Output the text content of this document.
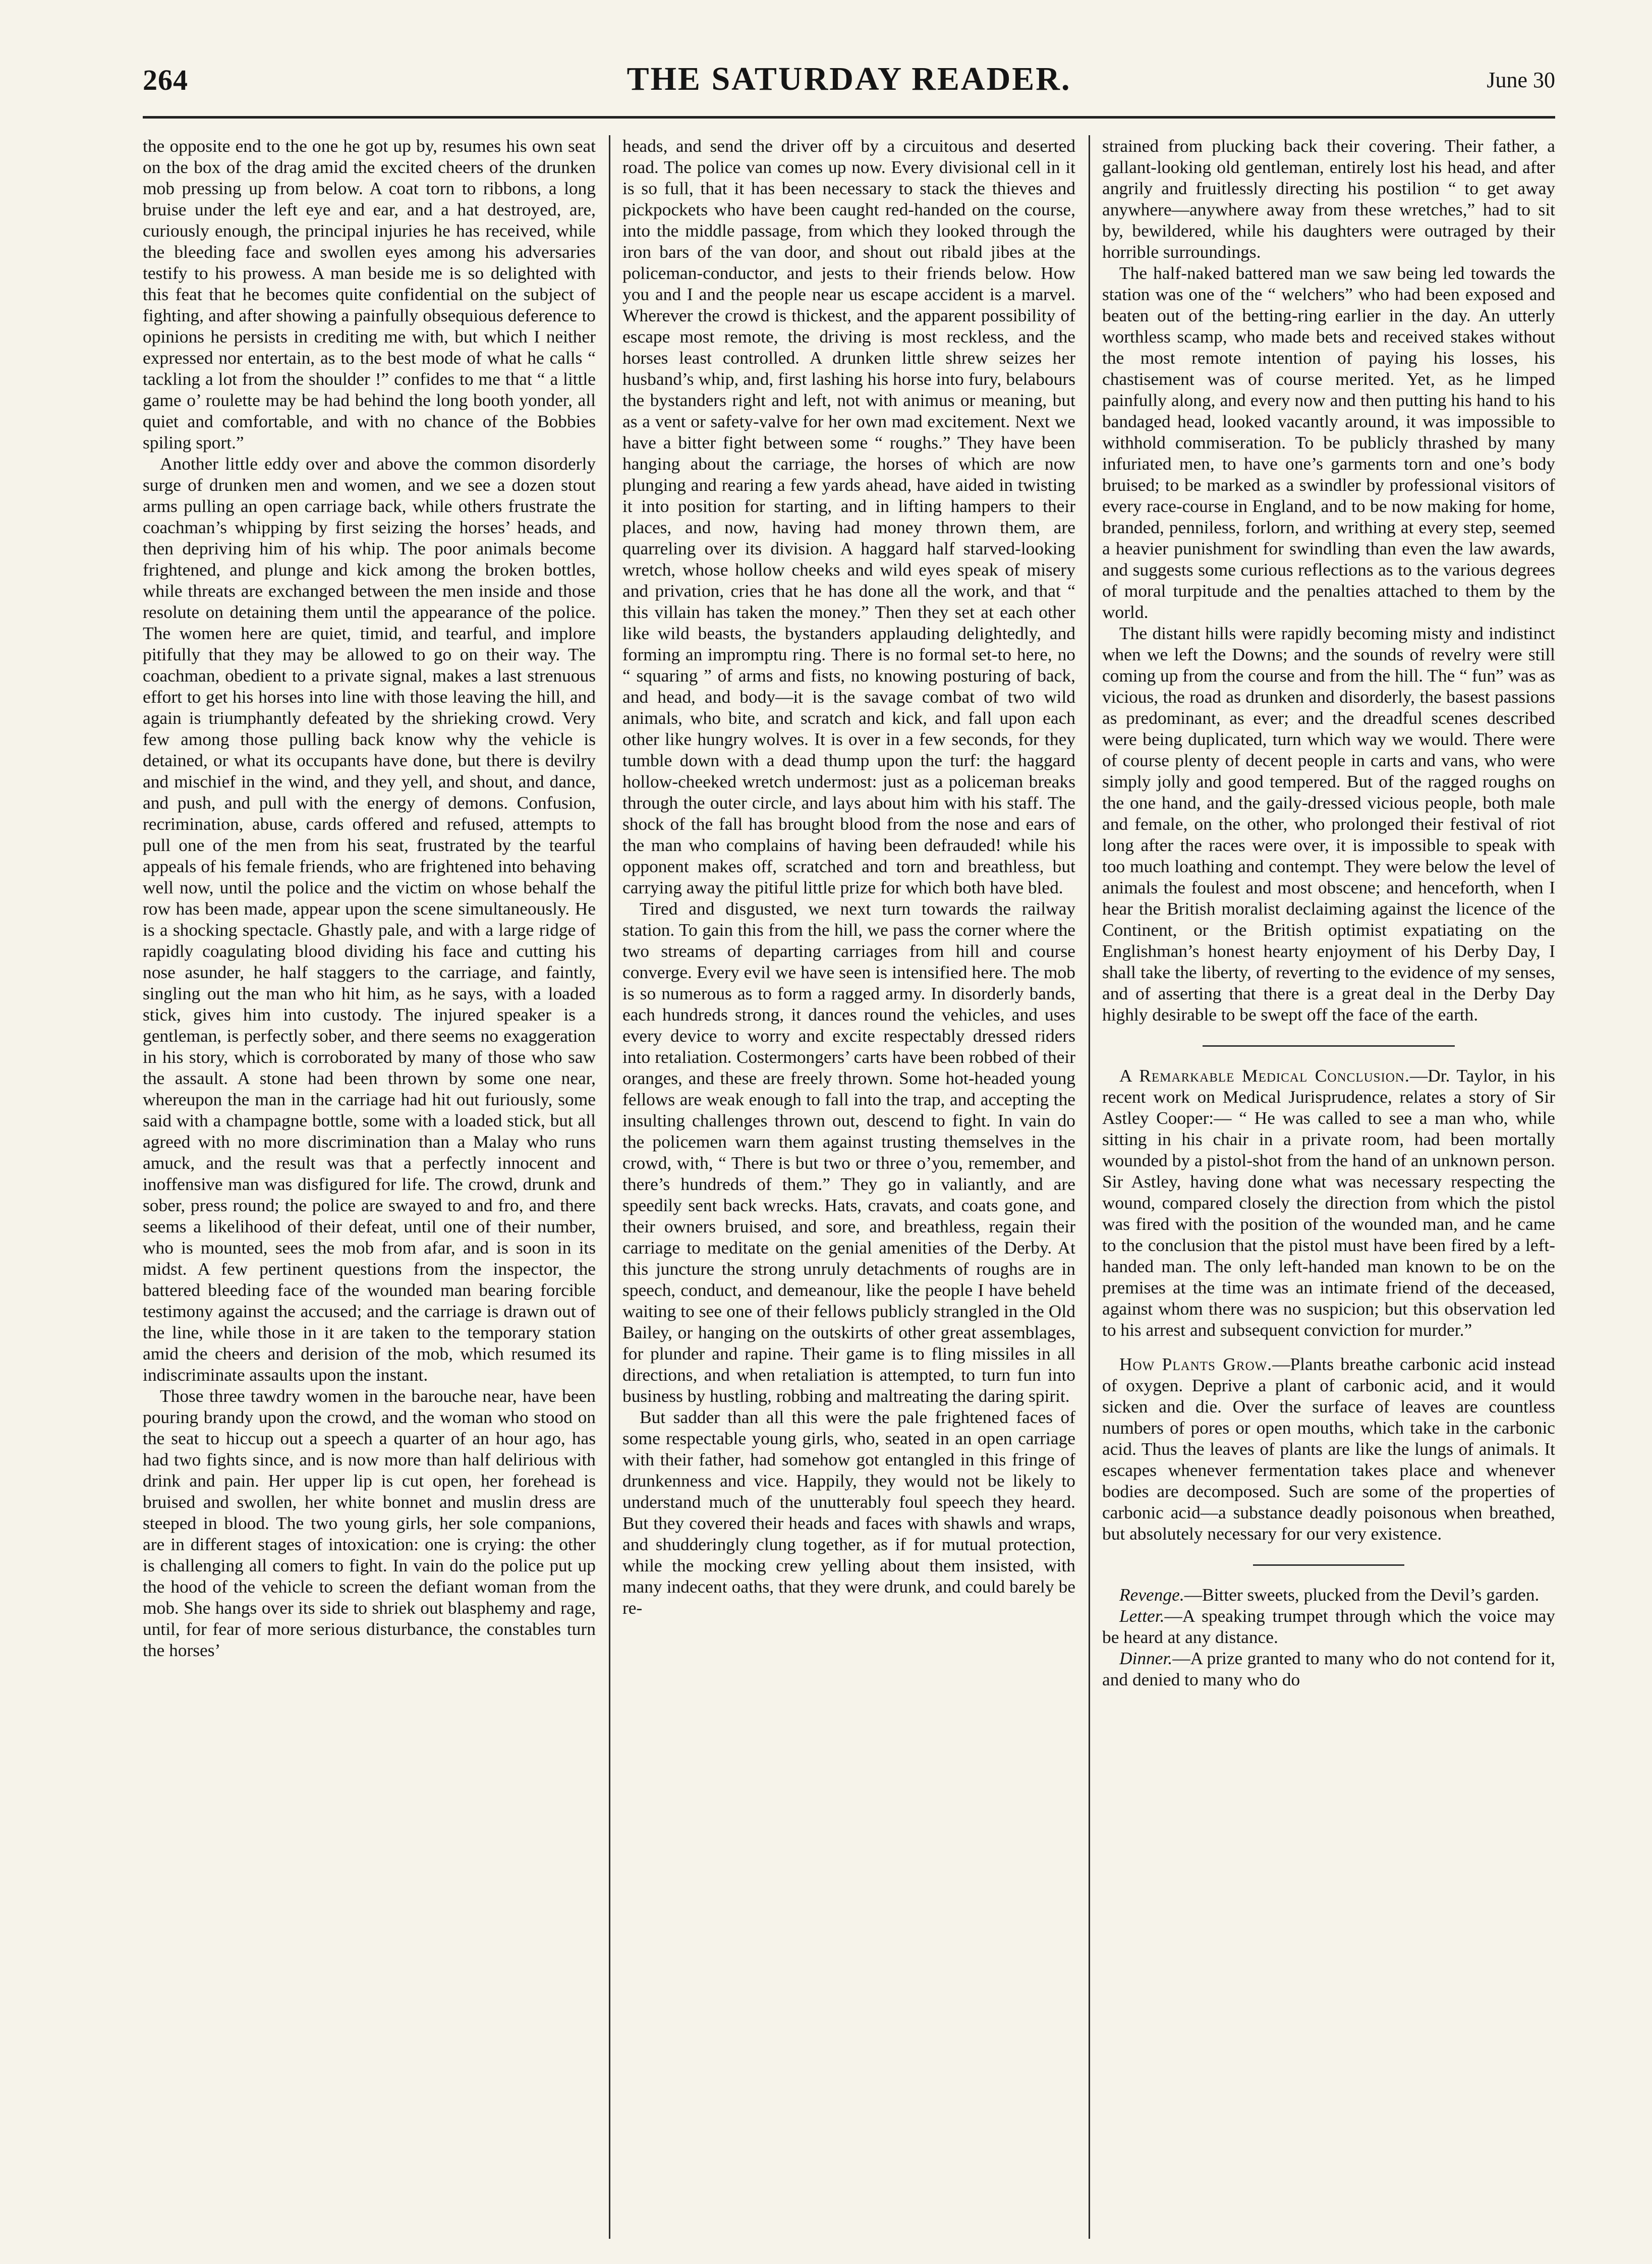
264	THE SATURDAY READER.	June 30

the opposite end to the one he got up by, resumes his own seat on the box of the drag amid the excited cheers of the drunken mob pressing up from below. A coat torn to ribbons, a long bruise under the left eye and ear, and a hat destroyed, are, curiously enough, the principal injuries he has received, while the bleeding face and swollen eyes among his adversaries testify to his prowess. A man beside me is so delighted with this feat that he becomes quite confidential on the subject of fighting, and after showing a painfully obsequious deference to opinions he persists in crediting me with, but which I neither expressed nor entertain, as to the best mode of what he calls “ tackling a lot from the shoulder !” confides to me that “ a little game o’ roulette may be had behind the long booth yonder, all quiet and comfortable, and with no chance of the Bobbies spiling sport.”

Another little eddy over and above the common disorderly surge of drunken men and women, and we see a dozen stout arms pulling an open carriage back, while others frustrate the coachman’s whipping by first seizing the horses’ heads, and then depriving him of his whip. The poor animals become frightened, and plunge and kick among the broken bottles, while threats are exchanged between the men inside and those resolute on detaining them until the appearance of the police. The women here are quiet, timid, and tearful, and implore pitifully that they may be allowed to go on their way. The coachman, obedient to a private signal, makes a last strenuous effort to get his horses into line with those leaving the hill, and again is triumphantly defeated by the shrieking crowd. Very few among those pulling back know why the vehicle is detained, or what its occupants have done, but there is devilry and mischief in the wind, and they yell, and shout, and dance, and push, and pull with the energy of demons. Confusion, recrimination, abuse, cards offered and refused, attempts to pull one of the men from his seat, frustrated by the tearful appeals of his female friends, who are frightened into behaving well now, until the police and the victim on whose behalf the row has been made, appear upon the scene simultaneously. He is a shocking spectacle. Ghastly pale, and with a large ridge of rapidly coagulating blood dividing his face and cutting his nose asunder, he half staggers to the carriage, and faintly, singling out the man who hit him, as he says, with a loaded stick, gives him into custody. The injured speaker is a gentleman, is perfectly sober, and there seems no exaggeration in his story, which is corroborated by many of those who saw the assault. A stone had been thrown by some one near, whereupon the man in the carriage had hit out furiously, some said with a champagne bottle, some with a loaded stick, but all agreed with no more discrimination than a Malay who runs amuck, and the result was that a perfectly innocent and inoffensive man was disfigured for life. The crowd, drunk and sober, press round; the police are swayed to and fro, and there seems a likelihood of their defeat, until one of their number, who is mounted, sees the mob from afar, and is soon in its midst. A few pertinent questions from the inspector, the battered bleeding face of the wounded man bearing forcible testimony against the accused; and the carriage is drawn out of the line, while those in it are taken to the temporary station amid the cheers and derision of the mob, which resumed its indiscriminate assaults upon the instant.

Those three tawdry women in the barouche near, have been pouring brandy upon the crowd, and the woman who stood on the seat to hiccup out a speech a quarter of an hour ago, has had two fights since, and is now more than half delirious with drink and pain. Her upper lip is cut open, her forehead is bruised and swollen, her white bonnet and muslin dress are steeped in blood. The two young girls, her sole companions, are in different stages of intoxication: one is crying: the other is challenging all comers to fight. In vain do the police put up the hood of the vehicle to screen the defiant woman from the mob. She hangs over its side to shriek out blasphemy and rage, until, for fear of more serious disturbance, the constables turn the horses’

heads, and send the driver off by a circuitous and deserted road. The police van comes up now. Every divisional cell in it is so full, that it has been necessary to stack the thieves and pickpockets who have been caught red-handed on the course, into the middle passage, from which they looked through the iron bars of the van door, and shout out ribald jibes at the policeman-conductor, and jests to their friends below. How you and I and the people near us escape accident is a marvel. Wherever the crowd is thickest, and the apparent possibility of escape most remote, the driving is most reckless, and the horses least controlled. A drunken little shrew seizes her husband’s whip, and, first lashing his horse into fury, belabours the bystanders right and left, not with animus or meaning, but as a vent or safety-valve for her own mad excitement. Next we have a bitter fight between some “ roughs.” They have been hanging about the carriage, the horses of which are now plunging and rearing a few yards ahead, have aided in twisting it into position for starting, and in lifting hampers to their places, and now, having had money thrown them, are quarreling over its division. A haggard half starved-looking wretch, whose hollow cheeks and wild eyes speak of misery and privation, cries that he has done all the work, and that “ this villain has taken the money.” Then they set at each other like wild beasts, the bystanders applauding delightedly, and forming an impromptu ring. There is no formal set-to here, no “ squaring ” of arms and fists, no knowing posturing of back, and head, and body—it is the savage combat of two wild animals, who bite, and scratch and kick, and fall upon each other like hungry wolves. It is over in a few seconds, for they tumble down with a dead thump upon the turf: the haggard hollow-cheeked wretch undermost: just as a policeman breaks through the outer circle, and lays about him with his staff. The shock of the fall has brought blood from the nose and ears of the man who complains of having been defrauded! while his opponent makes off, scratched and torn and breathless, but carrying away the pitiful little prize for which both have bled.

Tired and disgusted, we next turn towards the railway station. To gain this from the hill, we pass the corner where the two streams of departing carriages from hill and course converge. Every evil we have seen is intensified here. The mob is so numerous as to form a ragged army. In disorderly bands, each hundreds strong, it dances round the vehicles, and uses every device to worry and excite respectably dressed riders into retaliation. Costermongers’ carts have been robbed of their oranges, and these are freely thrown. Some hot-headed young fellows are weak enough to fall into the trap, and accepting the insulting challenges thrown out, descend to fight. In vain do the policemen warn them against trusting themselves in the crowd, with, “ There is but two or three o’you, remember, and there’s hundreds of them.” They go in valiantly, and are speedily sent back wrecks. Hats, cravats, and coats gone, and their owners bruised, and sore, and breathless, regain their carriage to meditate on the genial amenities of the Derby. At this juncture the strong unruly detachments of roughs are in speech, conduct, and demeanour, like the people I have beheld waiting to see one of their fellows publicly strangled in the Old Bailey, or hanging on the outskirts of other great assemblages, for plunder and rapine. Their game is to fling missiles in all directions, and when retaliation is attempted, to turn fun into business by hustling, robbing and maltreating the daring spirit.

But sadder than all this were the pale frightened faces of some respectable young girls, who, seated in an open carriage with their father, had somehow got entangled in this fringe of drunkenness and vice. Happily, they would not be likely to understand much of the unutterably foul speech they heard. But they covered their heads and faces with shawls and wraps, and shudderingly clung together, as if for mutual protection, while the mocking crew yelling about them insisted, with many indecent oaths, that they were drunk, and could barely be re-

strained from plucking back their covering. Their father, a gallant-looking old gentleman, entirely lost his head, and after angrily and fruitlessly directing his postilion “ to get away anywhere—anywhere away from these wretches,” had to sit by, bewildered, while his daughters were outraged by their horrible surroundings.

The half-naked battered man we saw being led towards the station was one of the “ welchers” who had been exposed and beaten out of the betting-ring earlier in the day. An utterly worthless scamp, who made bets and received stakes without the most remote intention of paying his losses, his chastisement was of course merited. Yet, as he limped painfully along, and every now and then putting his hand to his bandaged head, looked vacantly around, it was impossible to withhold commiseration. To be publicly thrashed by many infuriated men, to have one’s garments torn and one’s body bruised; to be marked as a swindler by professional visitors of every race-course in England, and to be now making for home, branded, penniless, forlorn, and writhing at every step, seemed a heavier punishment for swindling than even the law awards, and suggests some curious reflections as to the various degrees of moral turpitude and the penalties attached to them by the world.

The distant hills were rapidly becoming misty and indistinct when we left the Downs; and the sounds of revelry were still coming up from the course and from the hill. The “ fun” was as vicious, the road as drunken and disorderly, the basest passions as predominant, as ever; and the dreadful scenes described were being duplicated, turn which way we would. There were of course plenty of decent people in carts and vans, who were simply jolly and good tempered. But of the ragged roughs on the one hand, and the gaily-dressed vicious people, both male and female, on the other, who prolonged their festival of riot long after the races were over, it is impossible to speak with too much loathing and contempt. They were below the level of animals the foulest and most obscene; and henceforth, when I hear the British moralist declaiming against the licence of the Continent, or the British optimist expatiating on the Englishman’s honest hearty enjoyment of his Derby Day, I shall take the liberty, of reverting to the evidence of my senses, and of asserting that there is a great deal in the Derby Day highly desirable to be swept off the face of the earth.

A Remarkable Medical Conclusion.—Dr. Taylor, in his recent work on Medical Jurisprudence, relates a story of Sir Astley Cooper:— “ He was called to see a man who, while sitting in his chair in a private room, had been mortally wounded by a pistol-shot from the hand of an unknown person. Sir Astley, having done what was necessary respecting the wound, compared closely the direction from which the pistol was fired with the position of the wounded man, and he came to the conclusion that the pistol must have been fired by a left-handed man. The only left-handed man known to be on the premises at the time was an intimate friend of the deceased, against whom there was no suspicion; but this observation led to his arrest and subsequent conviction for murder.”

How Plants Grow.—Plants breathe carbonic acid instead of oxygen. Deprive a plant of carbonic acid, and it would sicken and die. Over the surface of leaves are countless numbers of pores or open mouths, which take in the carbonic acid. Thus the leaves of plants are like the lungs of animals. It escapes whenever fermentation takes place and whenever bodies are decomposed. Such are some of the properties of carbonic acid—a substance deadly poisonous when breathed, but absolutely necessary for our very existence.

Revenge.—Bitter sweets, plucked from the Devil’s garden.

Letter.—A speaking trumpet through which the voice may be heard at any distance.

Dinner.—A prize granted to many who do not contend for it, and denied to many who do
